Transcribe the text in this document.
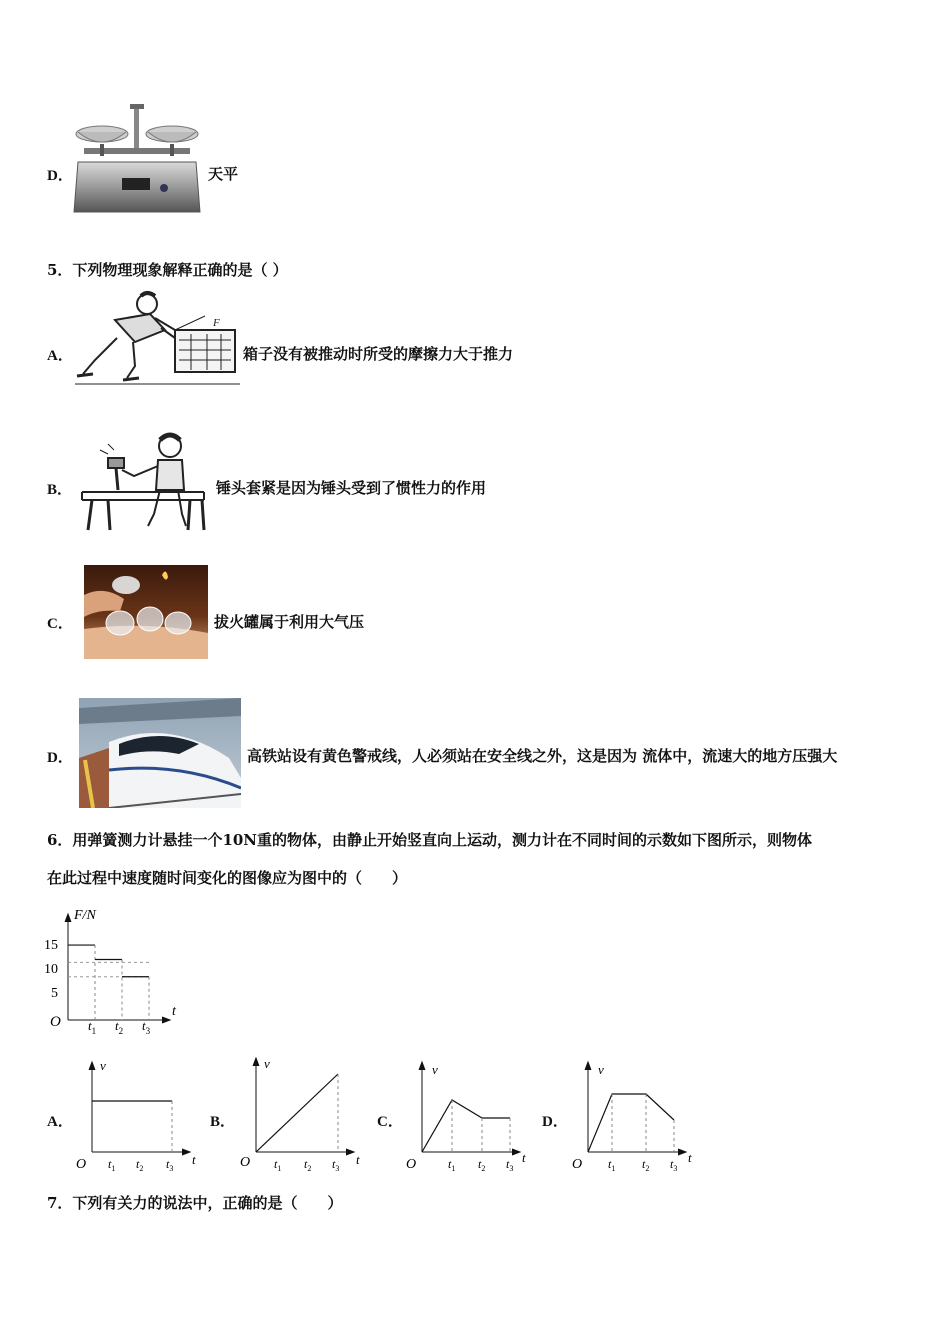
D．	天平
5．下列物理现象解释正确的是（ ）
A．
F
箱子没有被推动时所受的摩擦力大于推力
B．	锤头套紧是因为锤头受到了惯性力的作用
C．	拔火罐属于利用大气压
D．	高铁站设有黄色警戒线，人必须站在安全线之外，这是因为 流体中，流速大的地方压强大
6．用弹簧测力计悬挂一个10N重的物体，由静止开始竖直向上运动，测力计在不同时间的示数如下图所示，则物体
在此过程中速度随时间变化的图像应为图中的（　　）
F/N
t
O
15
10
5
$t_1$ $t_2$ $t_3$
A．
v
t
O $t_1$ $t_2$ $t_3$
B．
v
t
O $t_1$ $t_2$ $t_3$
C．
v
t
O	$t_1$ $t_2$ $t_3$
D．
v
t
O $t_1$ $t_2$ $t_3$
7．下列有关力的说法中，正确的是（　　）
